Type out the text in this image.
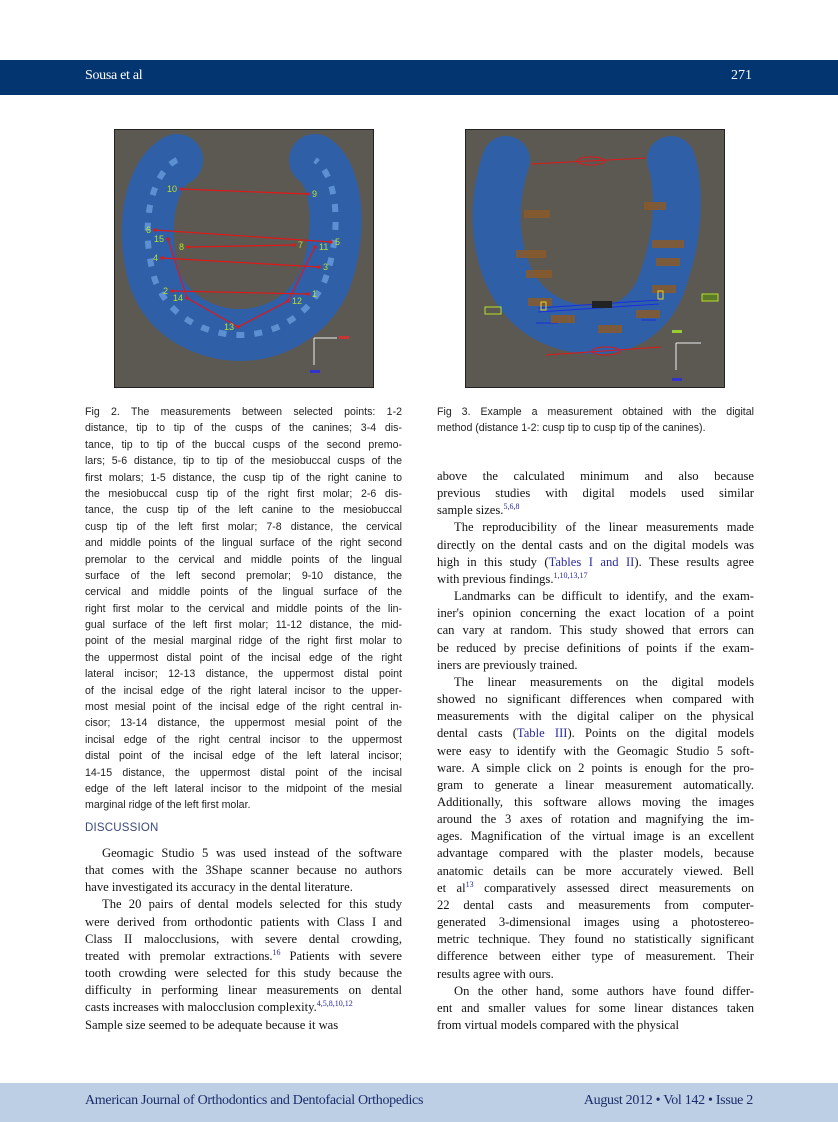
Sousa et al	271
1
2
3
4
5
6
7
8
9
10
11
12
13
14
15
Fig 2. The measurements between selected points: 1-2
distance, tip to tip of the cusps of the canines; 3-4 dis-
tance, tip to tip of the buccal cusps of the second premo-
lars; 5-6 distance, tip to tip of the mesiobuccal cusps of the
first molars; 1-5 distance, the cusp tip of the right canine to
the mesiobuccal cusp tip of the right first molar; 2-6 dis-
tance, the cusp tip of the left canine to the mesiobuccal
cusp tip of the left first molar; 7-8 distance, the cervical
and middle points of the lingual surface of the right second
premolar to the cervical and middle points of the lingual
surface of the left second premolar; 9-10 distance, the
cervical and middle points of the lingual surface of the
right first molar to the cervical and middle points of the lin-
gual surface of the left first molar; 11-12 distance, the mid-
point of the mesial marginal ridge of the right first molar to
the uppermost distal point of the incisal edge of the right
lateral incisor; 12-13 distance, the uppermost distal point
of the incisal edge of the right lateral incisor to the upper-
most mesial point of the incisal edge of the right central in-
cisor; 13-14 distance, the uppermost mesial point of the
incisal edge of the right central incisor to the uppermost
distal point of the incisal edge of the left lateral incisor;
14-15 distance, the uppermost distal point of the incisal
edge of the left lateral incisor to the midpoint of the mesial
marginal ridge of the left first molar.
Fig 3. Example a measurement obtained with the digital
method (distance 1-2: cusp tip to cusp tip of the canines).
DISCUSSION
Geomagic Studio 5 was used instead of the software
that comes with the 3Shape scanner because no authors
have investigated its accuracy in the dental literature.
The 20 pairs of dental models selected for this study
were derived from orthodontic patients with Class I and
Class II malocclusions, with severe dental crowding,
treated with premolar extractions.$^{16}$ Patients with severe
tooth crowding were selected for this study because the
difficulty in performing linear measurements on dental
casts increases with malocclusion complexity.$^{4,5,8,10,12}$
Sample size seemed to be adequate because it was
above the calculated minimum and also because
previous studies with digital models used similar
sample sizes.$^{5,6,8}$
The reproducibility of the linear measurements made
directly on the dental casts and on the digital models was
high in this study (Tables I and II). These results agree
with previous findings.$^{1,10,13,17}$
Landmarks can be difficult to identify, and the exam-
iner's opinion concerning the exact location of a point
can vary at random. This study showed that errors can
be reduced by precise definitions of points if the exam-
iners are previously trained.
The linear measurements on the digital models
showed no significant differences when compared with
measurements with the digital caliper on the physical
dental casts (Table III). Points on the digital models
were easy to identify with the Geomagic Studio 5 soft-
ware. A simple click on 2 points is enough for the pro-
gram to generate a linear measurement automatically.
Additionally, this software allows moving the images
around the 3 axes of rotation and magnifying the im-
ages. Magnification of the virtual image is an excellent
advantage compared with the plaster models, because
anatomic details can be more accurately viewed. Bell
et $al^{13}$ comparatively assessed direct measurements on
22 dental casts and measurements from computer-
generated 3-dimensional images using a photostereo-
metric technique. They found no statistically significant
difference between either type of measurement. Their
results agree with ours.
On the other hand, some authors have found differ-
ent and smaller values for some linear distances taken
from virtual models compared with the physical
American Journal of Orthodontics and Dentofacial Orthopedics	August 2012 • Vol 142 • Issue 2
